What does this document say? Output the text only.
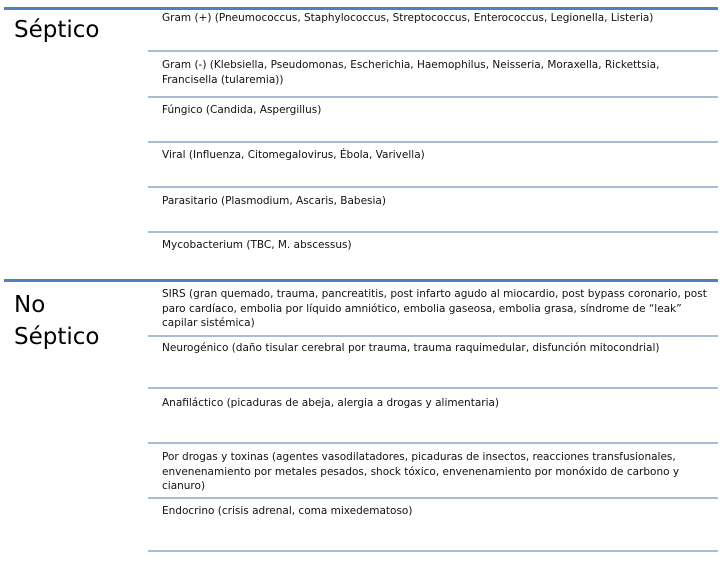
Séptico	Gram (+) (Pneumococcus, Staphylococcus, Streptococcus, Enterococcus, Legionella, Listeria)
Gram (-) (Klebsiella, Pseudomonas, Escherichia, Haemophilus, Neisseria, Moraxella, Rickettsia, Francisella (tularemia))
Fúngico (Candida, Aspergillus)
Viral (Influenza, Citomegalovirus, Ébola, Varivella)
Parasitario (Plasmodium, Ascaris, Babesia)
Mycobacterium (TBC, M. abscessus)
No
Séptico
SIRS (gran quemado, trauma, pancreatitis, post infarto agudo al miocardio, post bypass coronario, post paro cardíaco, embolia por líquido amniótico, embolia gaseosa, embolia grasa, síndrome de “leak” capilar sistémica)
Neurogénico (daño tisular cerebral por trauma, trauma raquimedular, disfunción mitocondrial)
Anafiláctico (picaduras de abeja, alergia a drogas y alimentaria)
Por drogas y toxinas (agentes vasodilatadores, picaduras de insectos, reacciones transfusionales, envenenamiento por metales pesados, shock tóxico, envenenamiento por monóxido de carbono y cianuro)
Endocrino (crisis adrenal, coma mixedematoso)
